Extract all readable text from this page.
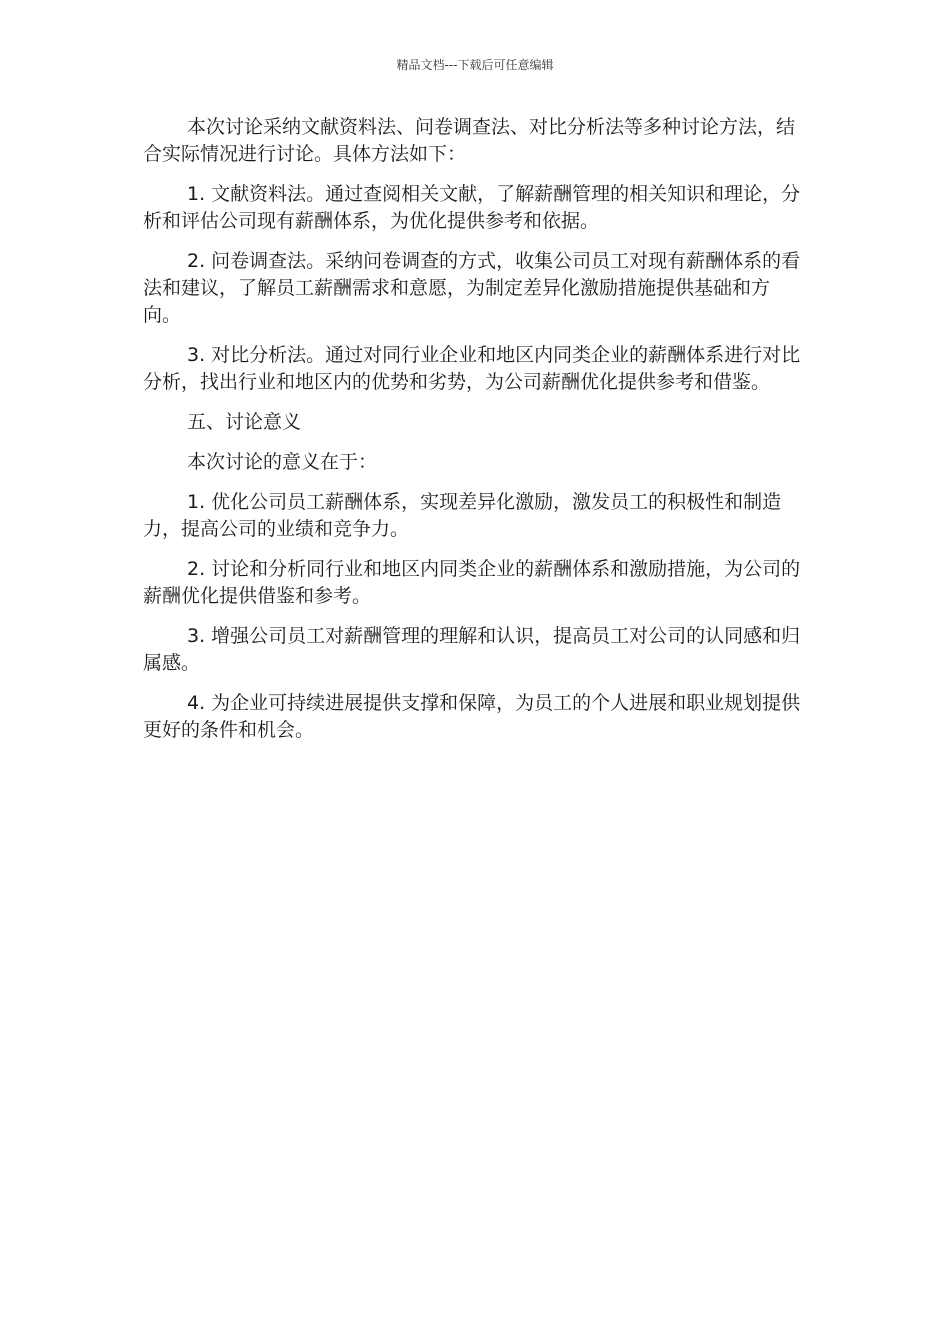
精品文档---下载后可任意编辑

本次讨论采纳文献资料法、问卷调查法、对比分析法等多种讨论方法，结合实际情况进行讨论。具体方法如下：

1. 文献资料法。通过查阅相关文献，了解薪酬管理的相关知识和理论，分析和评估公司现有薪酬体系，为优化提供参考和依据。

2. 问卷调查法。采纳问卷调查的方式，收集公司员工对现有薪酬体系的看法和建议，了解员工薪酬需求和意愿，为制定差异化激励措施提供基础和方向。

3. 对比分析法。通过对同行业企业和地区内同类企业的薪酬体系进行对比分析，找出行业和地区内的优势和劣势，为公司薪酬优化提供参考和借鉴。

五、讨论意义

本次讨论的意义在于：

1. 优化公司员工薪酬体系，实现差异化激励，激发员工的积极性和制造力，提高公司的业绩和竞争力。

2. 讨论和分析同行业和地区内同类企业的薪酬体系和激励措施，为公司的薪酬优化提供借鉴和参考。

3. 增强公司员工对薪酬管理的理解和认识，提高员工对公司的认同感和归属感。

4. 为企业可持续进展提供支撑和保障，为员工的个人进展和职业规划提供更好的条件和机会。
